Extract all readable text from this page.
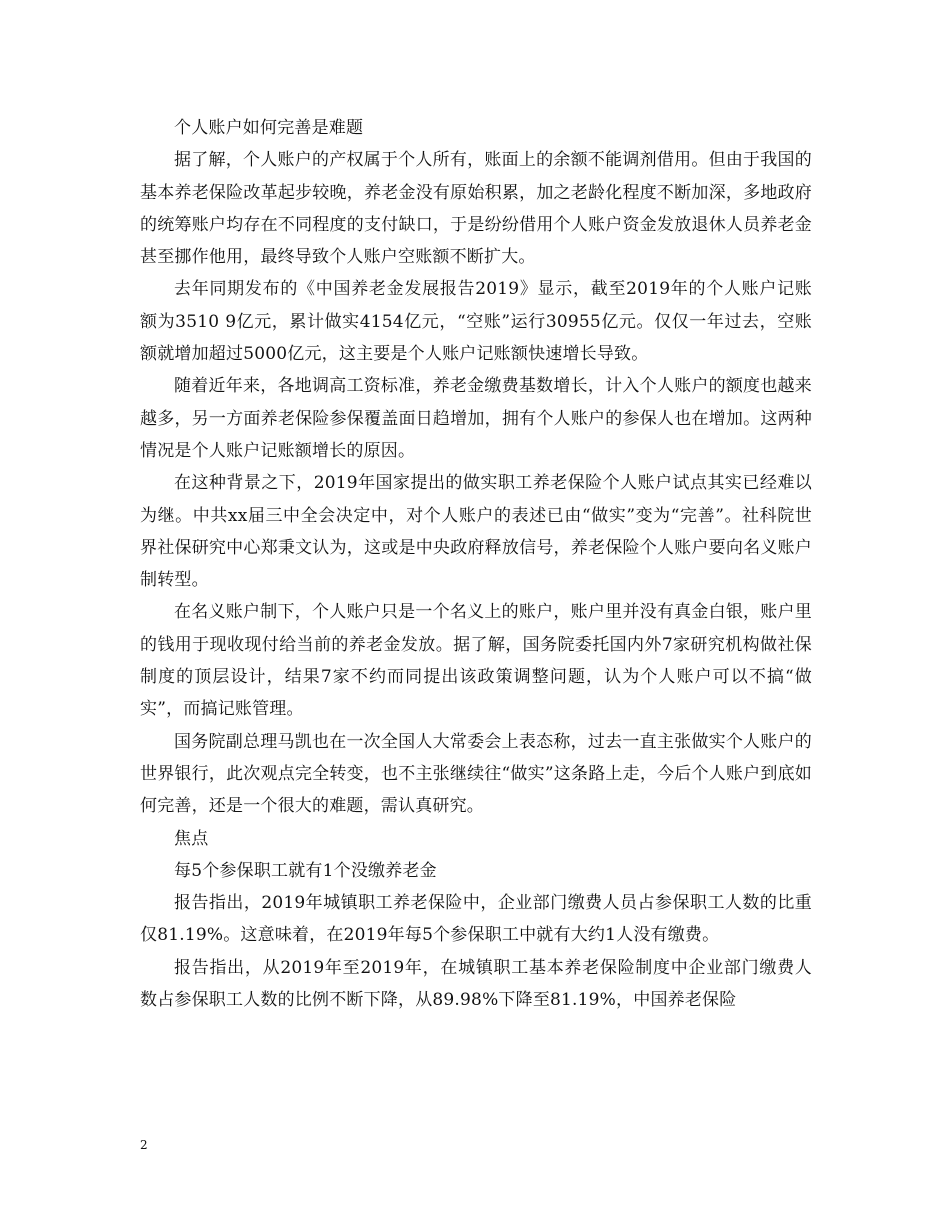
个人账户如何完善是难题

据了解，个人账户的产权属于个人所有，账面上的余额不能调剂借用。但由于我国的基本养老保险改革起步较晚，养老金没有原始积累，加之老龄化程度不断加深，多地政府的统筹账户均存在不同程度的支付缺口，于是纷纷借用个人账户资金发放退休人员养老金甚至挪作他用，最终导致个人账户空账额不断扩大。

去年同期发布的《中国养老金发展报告2019》显示，截至2019年的个人账户记账额为3510 9亿元，累计做实4154亿元，“空账”运行30955亿元。仅仅一年过去，空账额就增加超过5000亿元，这主要是个人账户记账额快速增长导致。

随着近年来，各地调高工资标准，养老金缴费基数增长，计入个人账户的额度也越来越多，另一方面养老保险参保覆盖面日趋增加，拥有个人账户的参保人也在增加。这两种情况是个人账户记账额增长的原因。

在这种背景之下，2019年国家提出的做实职工养老保险个人账户试点其实已经难以为继。中共xx届三中全会决定中，对个人账户的表述已由“做实”变为“完善”。社科院世界社保研究中心郑秉文认为，这或是中央政府释放信号，养老保险个人账户要向名义账户制转型。

在名义账户制下，个人账户只是一个名义上的账户，账户里并没有真金白银，账户里的钱用于现收现付给当前的养老金发放。据了解，国务院委托国内外7家研究机构做社保制度的顶层设计，结果7家不约而同提出该政策调整问题，认为个人账户可以不搞“做实”，而搞记账管理。

国务院副总理马凯也在一次全国人大常委会上表态称，过去一直主张做实个人账户的世界银行，此次观点完全转变，也不主张继续往“做实”这条路上走，今后个人账户到底如何完善，还是一个很大的难题，需认真研究。

焦点

每5个参保职工就有1个没缴养老金

报告指出，2019年城镇职工养老保险中，企业部门缴费人员占参保职工人数的比重仅81.19%。这意味着，在2019年每5个参保职工中就有大约1人没有缴费。

报告指出，从2019年至2019年，在城镇职工基本养老保险制度中企业部门缴费人数占参保职工人数的比例不断下降，从89.98%下降至81.19%，中国养老保险

2
